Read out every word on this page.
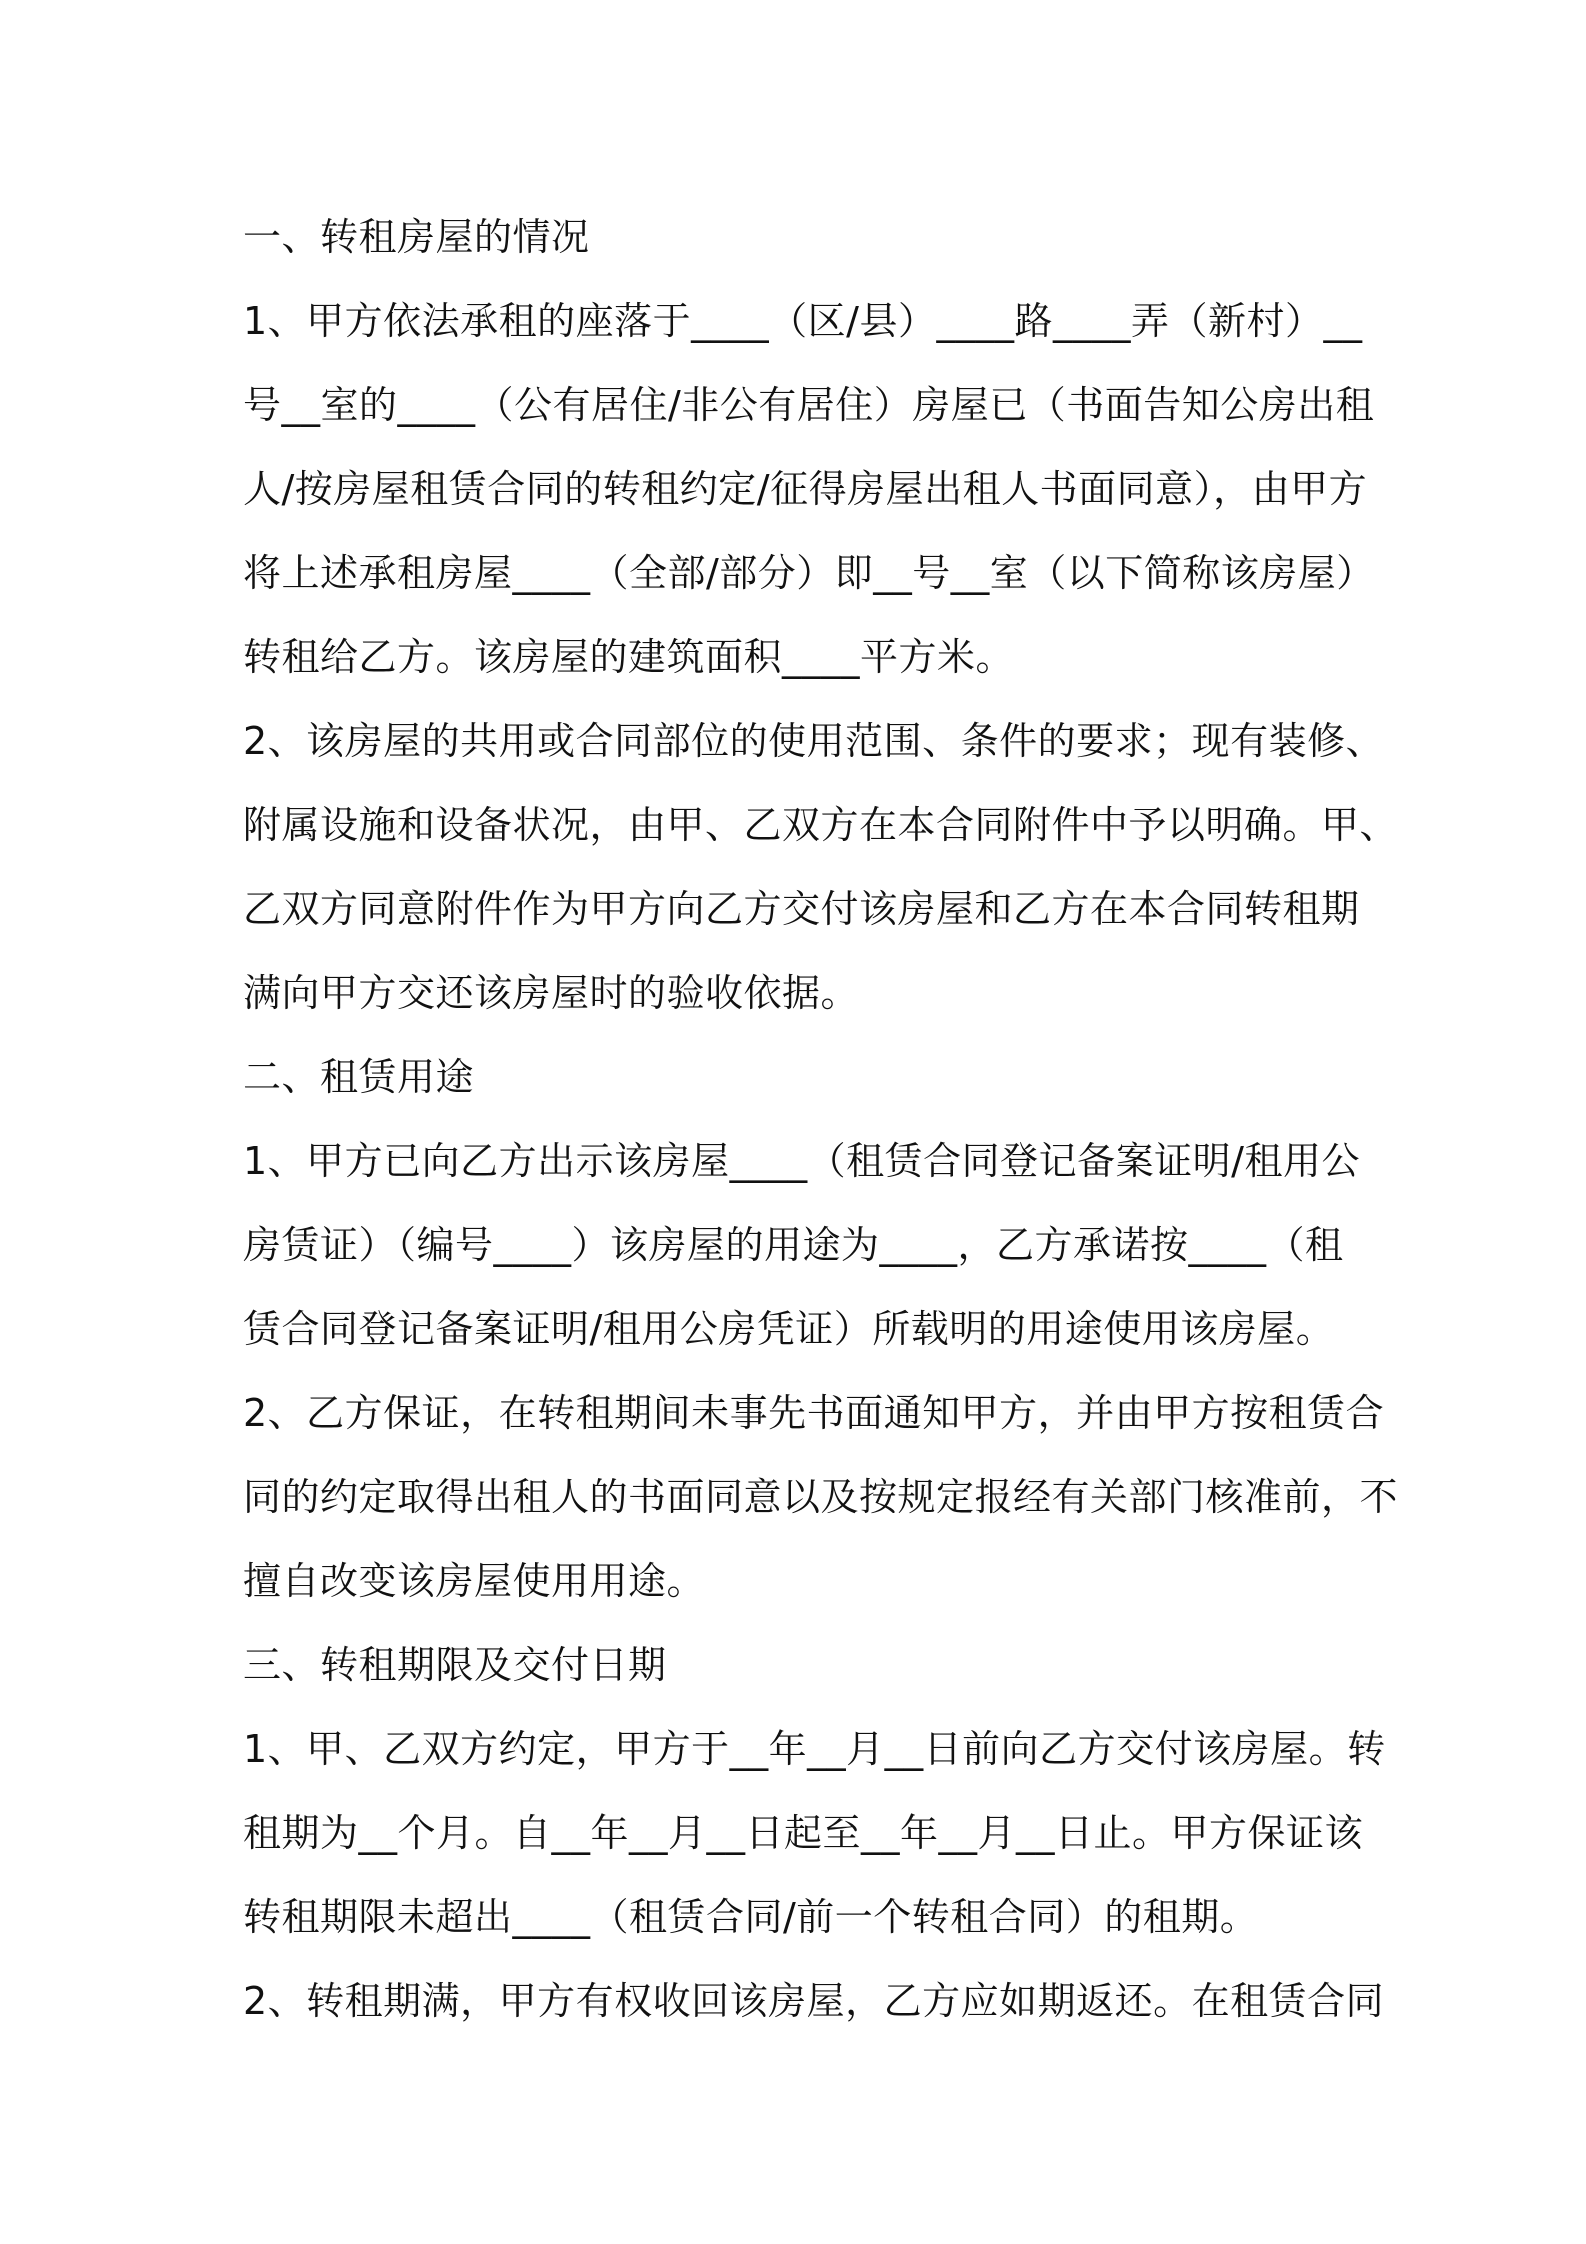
一、转租房屋的情况
1、甲方依法承租的座落于____（区/县）____路____弄（新村）__
号__室的____（公有居住/非公有居住）房屋已（书面告知公房出租
人/按房屋租赁合同的转租约定/征得房屋出租人书面同意），由甲方
将上述承租房屋____（全部/部分）即__号__室（以下简称该房屋）
转租给乙方。该房屋的建筑面积____平方米。
2、该房屋的共用或合同部位的使用范围、条件的要求；现有装修、
附属设施和设备状况，由甲、乙双方在本合同附件中予以明确。甲、
乙双方同意附件作为甲方向乙方交付该房屋和乙方在本合同转租期
满向甲方交还该房屋时的验收依据。
二、租赁用途
1、甲方已向乙方出示该房屋____（租赁合同登记备案证明/租用公
房赁证）（编号____）该房屋的用途为____，乙方承诺按____（租
赁合同登记备案证明/租用公房凭证）所载明的用途使用该房屋。
2、乙方保证，在转租期间未事先书面通知甲方，并由甲方按租赁合
同的约定取得出租人的书面同意以及按规定报经有关部门核准前，不
擅自改变该房屋使用用途。
三、转租期限及交付日期
1、甲、乙双方约定，甲方于__年__月__日前向乙方交付该房屋。转
租期为__个月。自__年__月__日起至__年__月__日止。甲方保证该
转租期限未超出____（租赁合同/前一个转租合同）的租期。
2、转租期满，甲方有权收回该房屋，乙方应如期返还。在租赁合同
